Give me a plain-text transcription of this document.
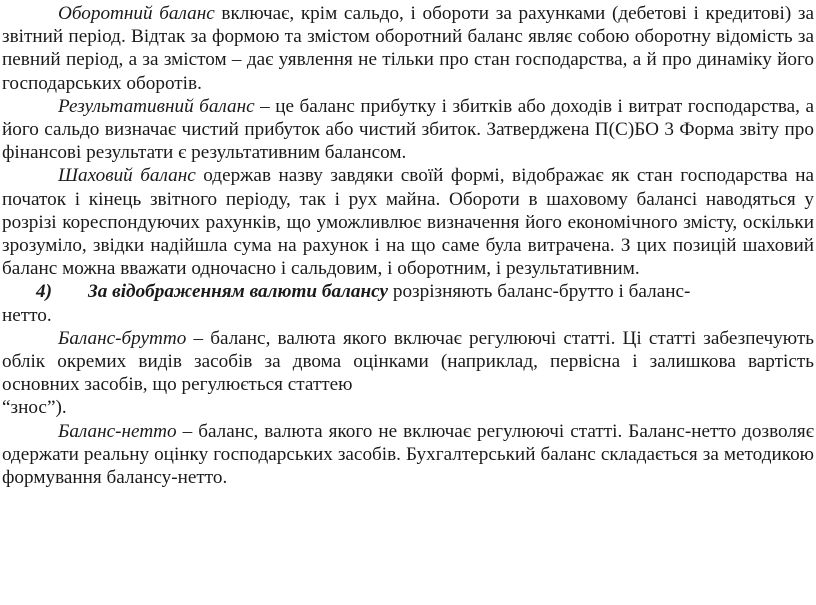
Оборотний баланс включає, крім сальдо, і обороти за рахунками (дебетові і кредитові) за звітний період. Відтак за формою та змістом оборотний баланс являє собою оборотну відомість за певний період, а за змістом – дає уявлення не тільки про стан господарства, а й про динаміку його господарських оборотів.

Результативний баланс – це баланс прибутку і збитків або доходів і витрат господарства, а його сальдо визначає чистий прибуток або чистий збиток. Затверджена П(С)БО 3 Форма звіту про фінансові результати є результативним балансом.

Шаховий баланс одержав назву завдяки своїй формі, відображає як стан господарства на початок і кінець звітного періоду, так і рух майна. Обороти в шаховому балансі наводяться у розрізі кореспондуючих рахунків, що уможливлює визначення його економічного змісту, оскільки зрозуміло, звідки надійшла сума на рахунок і на що саме була витрачена. З цих позицій шаховий баланс можна вважати одночасно і сальдовим, і оборотним, і результативним.

4) За відображенням валюти балансу розрізняють баланс-брутто і баланс-

нетто.

Баланс-брутто – баланс, валюта якого включає регулюючі статті. Ці статті забезпечують облік окремих видів засобів за двома оцінками (наприклад, первісна і залишкова вартість основних засобів, що регулюється статтею

“знос”).

Баланс-нетто – баланс, валюта якого не включає регулюючі статті. Баланс-нетто дозволяє одержати реальну оцінку господарських засобів. Бухгалтерський баланс складається за методикою формування балансу-нетто.
